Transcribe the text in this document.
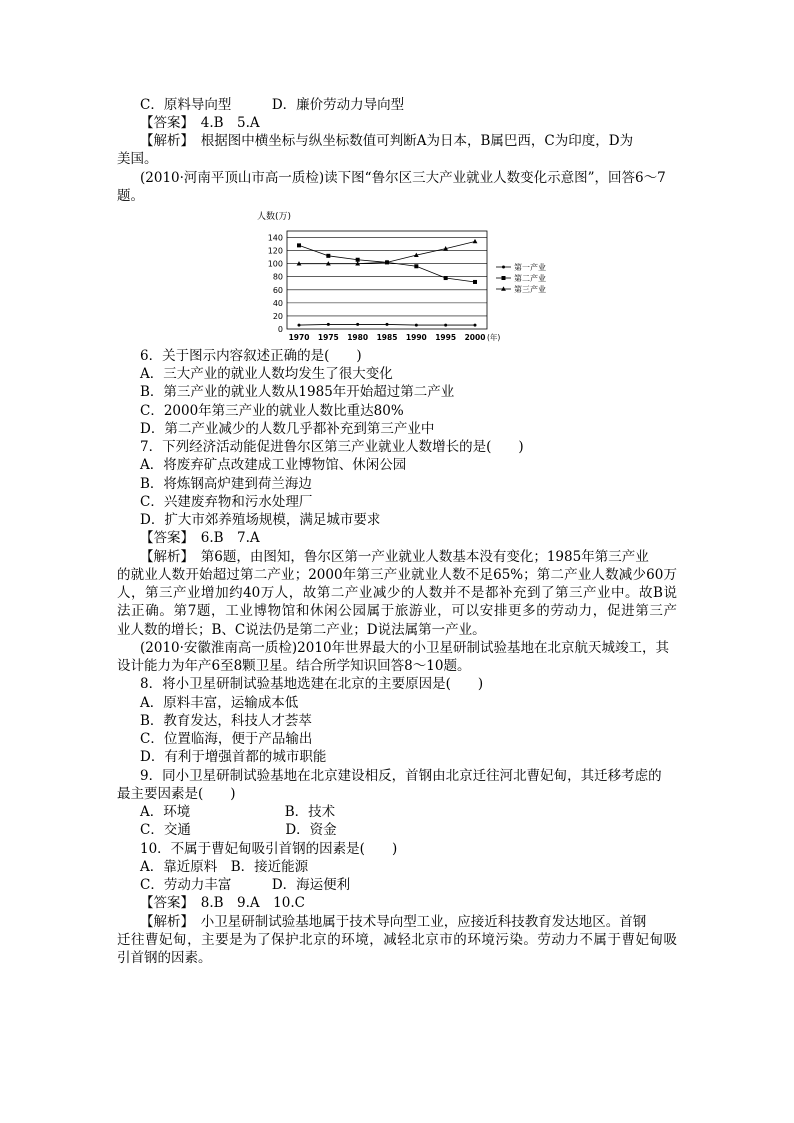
C．原料导向型　　　D．廉价劳动力导向型
【答案】　4.B　5.A
【解析】　根据图中横坐标与纵坐标数值可判断A为日本，B属巴西，C为印度，D为
美国。
(2010·河南平顶山市高一质检)读下图“鲁尔区三大产业就业人数变化示意图”，回答6～7
题。
6．关于图示内容叙述正确的是(　　)
A．三大产业的就业人数均发生了很大变化
B．第三产业的就业人数从1985年开始超过第二产业
C．2000年第三产业的就业人数比重达80%
D．第二产业减少的人数几乎都补充到第三产业中
7．下列经济活动能促进鲁尔区第三产业就业人数增长的是(　　)
A．将废弃矿点改建成工业博物馆、休闲公园
B．将炼钢高炉建到荷兰海边
C．兴建废弃物和污水处理厂
D．扩大市郊养殖场规模，满足城市要求
【答案】　6.B　7.A
【解析】　第6题，由图知，鲁尔区第一产业就业人数基本没有变化；1985年第三产业
的就业人数开始超过第二产业；2000年第三产业就业人数不足65%；第二产业人数减少60万
人，第三产业增加约40万人，故第二产业减少的人数并不是都补充到了第三产业中。故B说
法正确。第7题，工业博物馆和休闲公园属于旅游业，可以安排更多的劳动力，促进第三产
业人数的增长；B、C说法仍是第二产业；D说法属第一产业。
(2010·安徽淮南高一质检)2010年世界最大的小卫星研制试验基地在北京航天城竣工，其
设计能力为年产6至8颗卫星。结合所学知识回答8～10题。
8．将小卫星研制试验基地选建在北京的主要原因是(　　)
A．原料丰富，运输成本低
B．教育发达，科技人才荟萃
C．位置临海，便于产品输出
D．有利于增强首都的城市职能
9．同小卫星研制试验基地在北京建设相反，首钢由北京迁往河北曹妃甸，其迁移考虑的
最主要因素是(　　)
A．环境　　　　　　　B．技术
C．交通　　　　　　　D．资金
10．不属于曹妃甸吸引首钢的因素是(　　)
A．靠近原料　B．接近能源
C．劳动力丰富　　　D．海运便利
【答案】　8.B　9.A　10.C
【解析】　小卫星研制试验基地属于技术导向型工业，应接近科技教育发达地区。首钢
迁往曹妃甸，主要是为了保护北京的环境，减轻北京市的环境污染。劳动力不属于曹妃甸吸
引首钢的因素。
人数(万)
0
20
40
60
80
100
120
140
1970 1975 1980 1985 1990 1995 2000 (年)
第一产业
第二产业
第三产业
